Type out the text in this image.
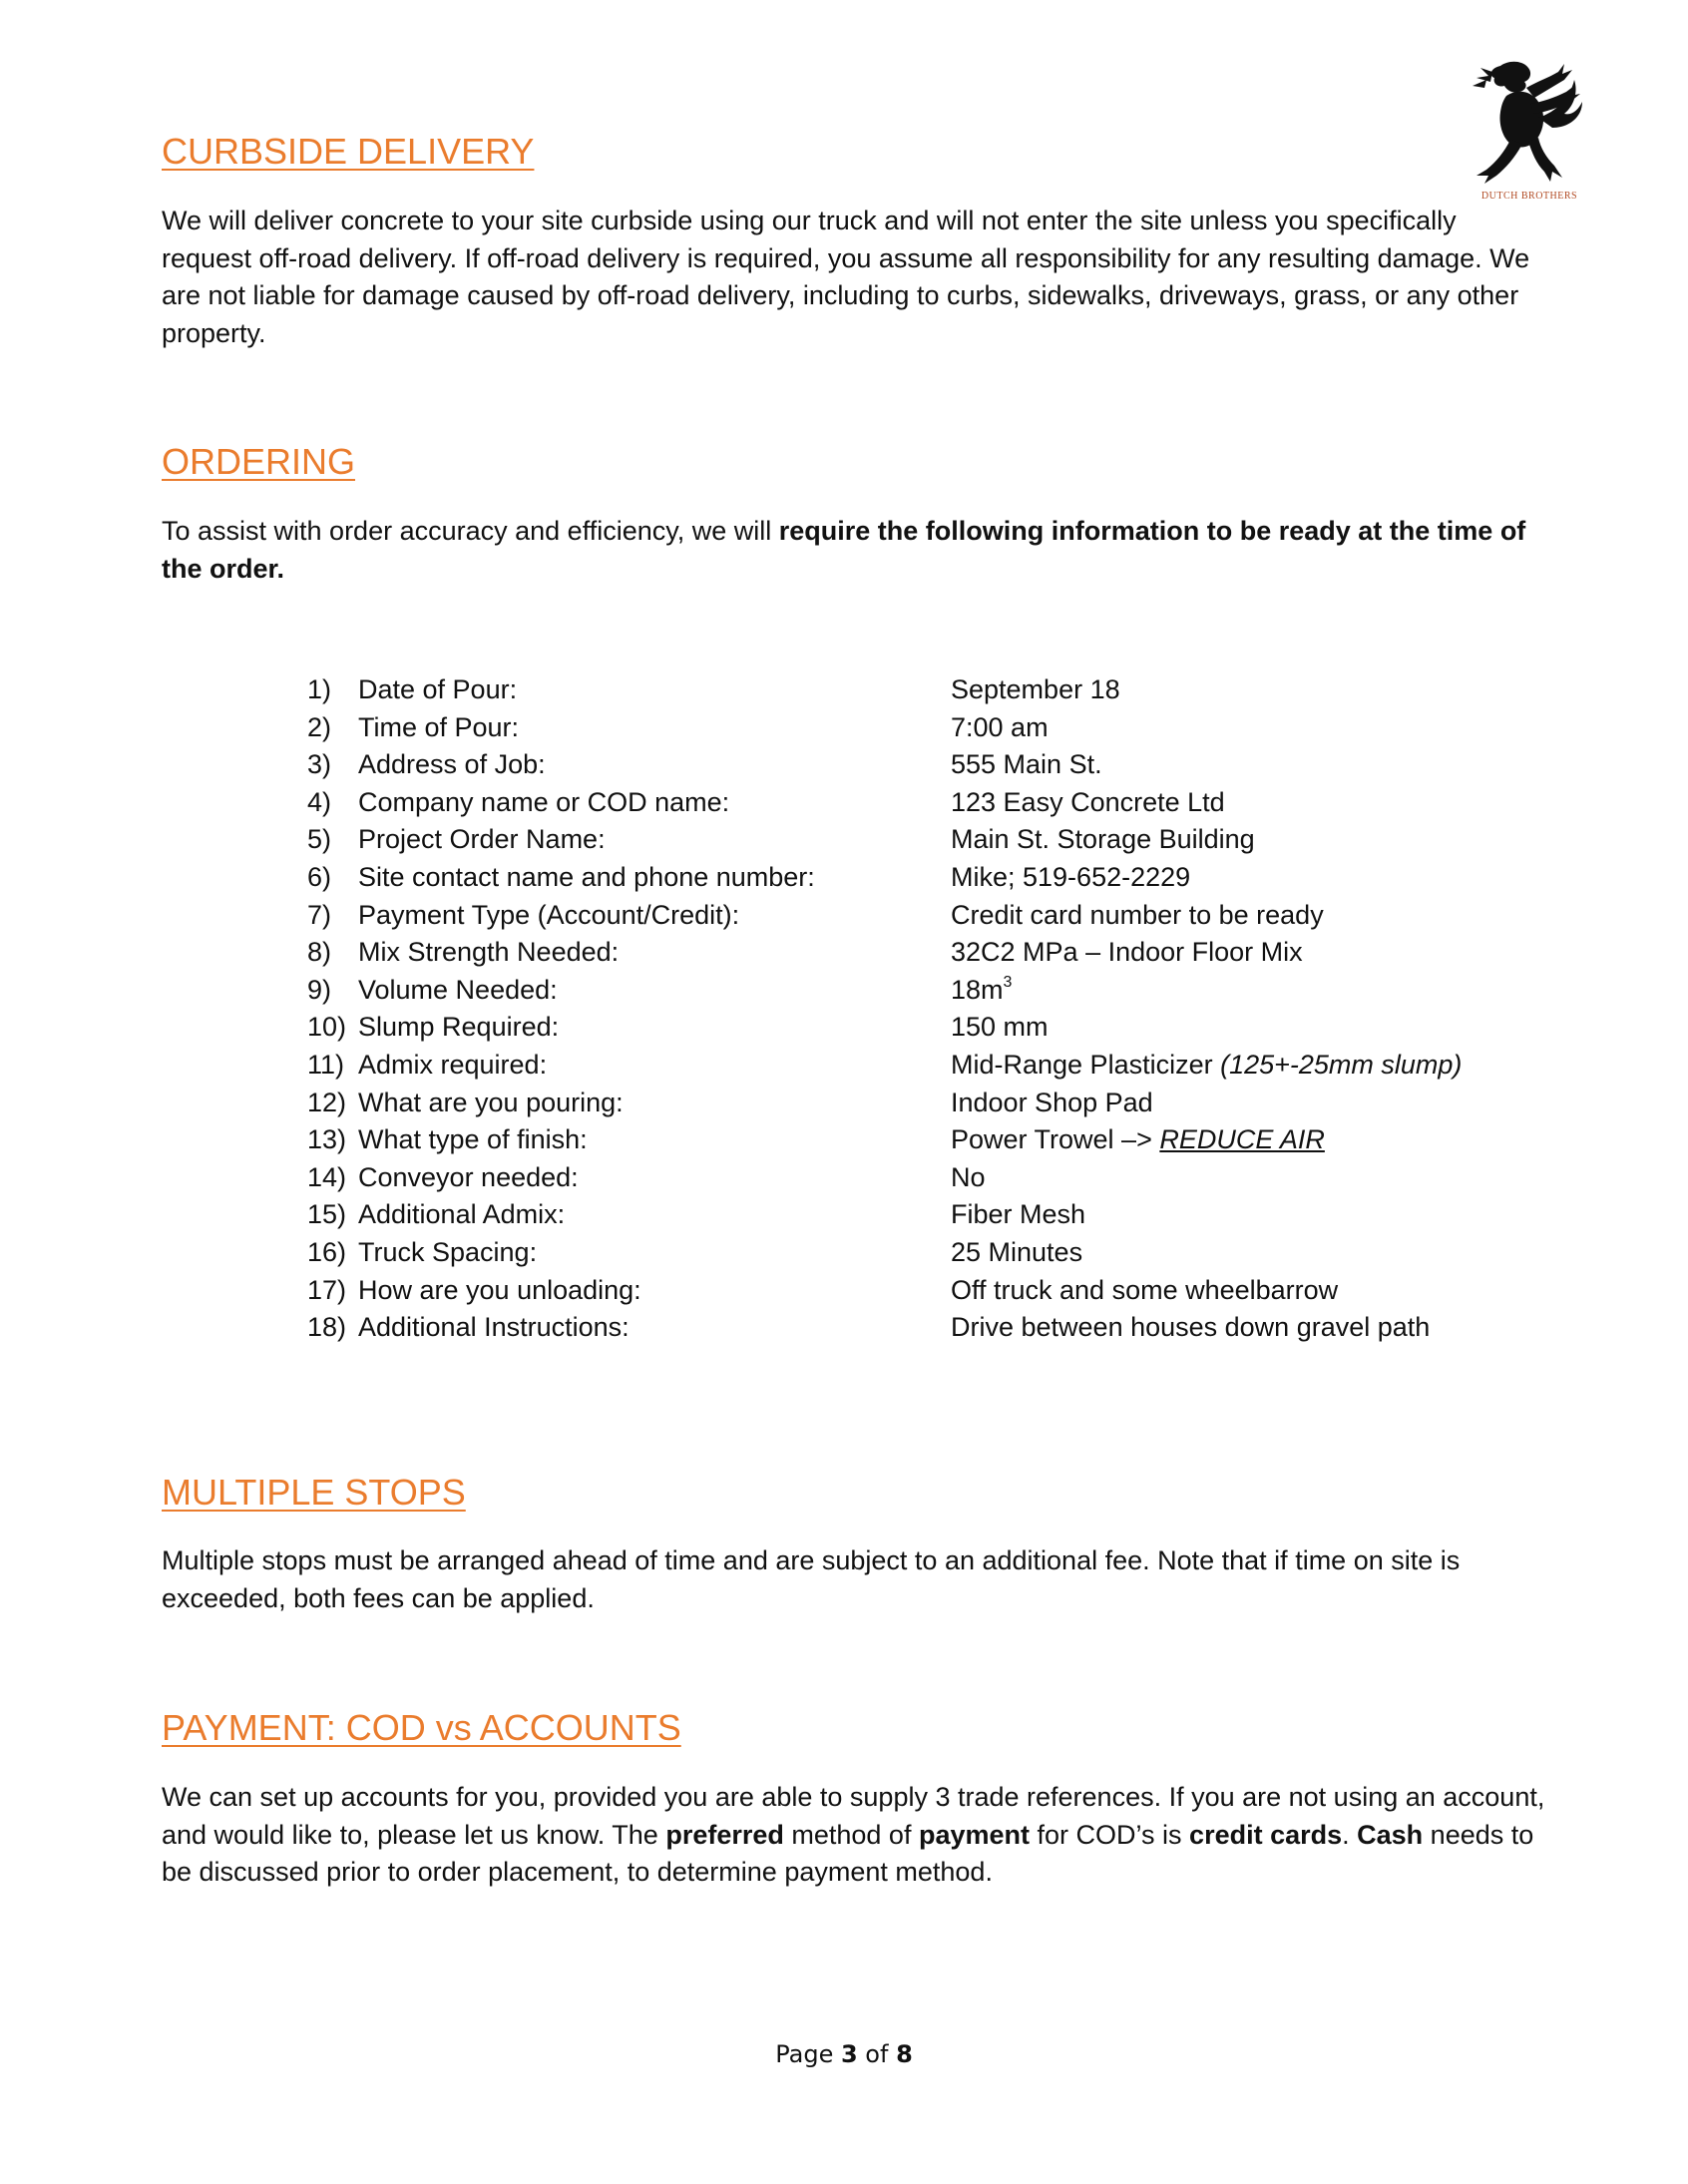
DUTCH BROTHERS
CURBSIDE DELIVERY

We will deliver concrete to your site curbside using our truck and will not enter the site unless you specifically request off-road delivery. If off-road delivery is required, you assume all responsibility for any resulting damage. We are not liable for damage caused by off-road delivery, including to curbs, sidewalks, driveways, grass, or any other property.

ORDERING

To assist with order accuracy and efficiency, we will require the following information to be ready at the time of the order.

1) Date of Pour:	September 18
2) Time of Pour:	7:00 am
3) Address of Job:	555 Main St.
4) Company name or COD name:	123 Easy Concrete Ltd
5) Project Order Name:	Main St. Storage Building
6) Site contact name and phone number:	Mike; 519-652-2229
7) Payment Type (Account/Credit):	Credit card number to be ready
8) Mix Strength Needed:	32C2 MPa – Indoor Floor Mix
9) Volume Needed:	$18m^3$
10) Slump Required:	150 mm
11) Admix required:	Mid-Range Plasticizer (125+-25mm slump)
12) What are you pouring:	Indoor Shop Pad
13) What type of finish:	Power Trowel –> REDUCE AIR
14) Conveyor needed:	No
15) Additional Admix:	Fiber Mesh
16) Truck Spacing:	25 Minutes
17) How are you unloading:	Off truck and some wheelbarrow
18) Additional Instructions:	Drive between houses down gravel path
MULTIPLE STOPS

Multiple stops must be arranged ahead of time and are subject to an additional fee. Note that if time on site is exceeded, both fees can be applied.

PAYMENT: COD vs ACCOUNTS

We can set up accounts for you, provided you are able to supply 3 trade references. If you are not using an account, and would like to, please let us know. The preferred method of payment for COD’s is credit cards. Cash needs to be discussed prior to order placement, to determine payment method.

Page 3 of 8
